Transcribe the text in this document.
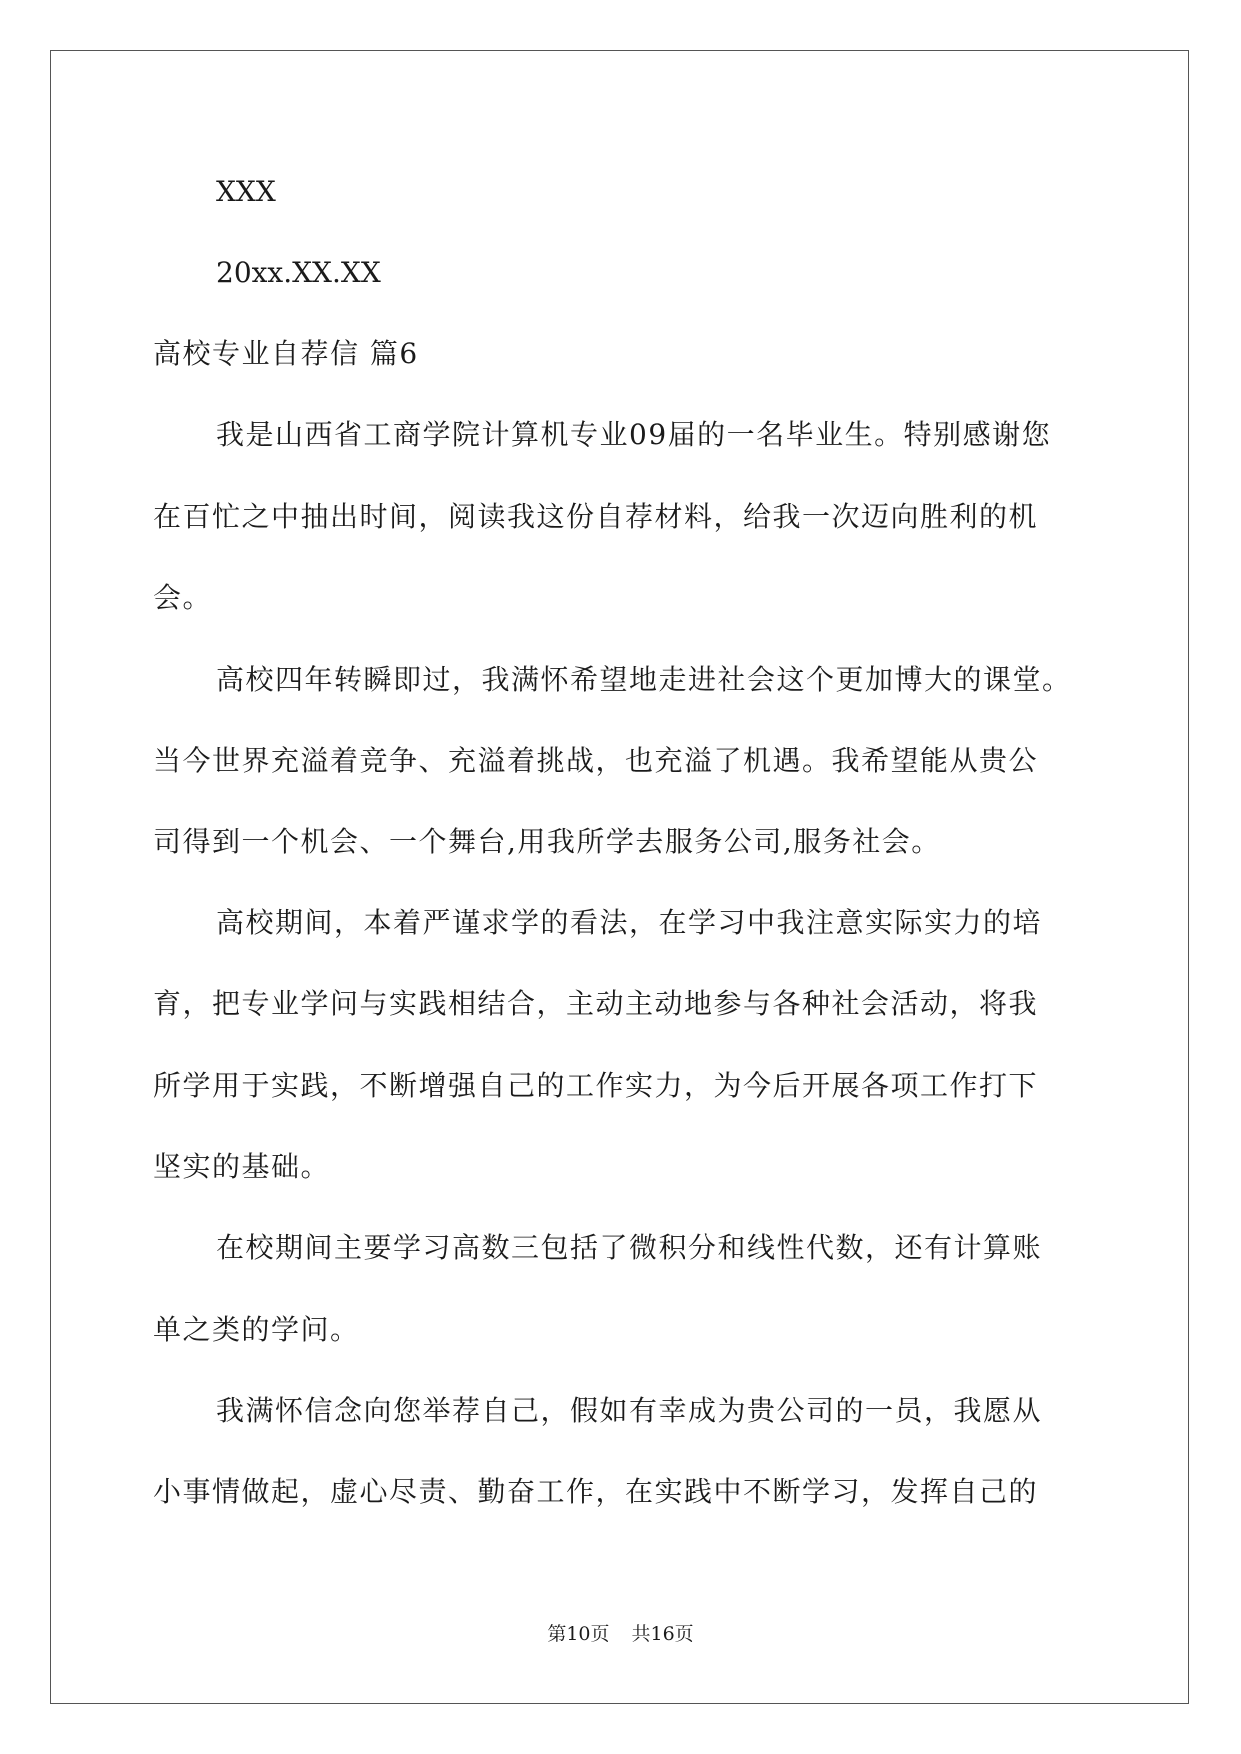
XXX
20xx.XX.XX
高校专业自荐信 篇6
我是山西省工商学院计算机专业09届的一名毕业生。特别感谢您
在百忙之中抽出时间，阅读我这份自荐材料，给我一次迈向胜利的机
会。
高校四年转瞬即过，我满怀希望地走进社会这个更加博大的课堂。
当今世界充溢着竞争、充溢着挑战，也充溢了机遇。我希望能从贵公
司得到一个机会、一个舞台,用我所学去服务公司,服务社会。
高校期间，本着严谨求学的看法，在学习中我注意实际实力的培
育，把专业学问与实践相结合，主动主动地参与各种社会活动，将我
所学用于实践，不断增强自己的工作实力，为今后开展各项工作打下
坚实的基础。
在校期间主要学习高数三包括了微积分和线性代数，还有计算账
单之类的学问。
我满怀信念向您举荐自己，假如有幸成为贵公司的一员，我愿从
小事情做起，虚心尽责、勤奋工作，在实践中不断学习，发挥自己的
第10页 共16页
